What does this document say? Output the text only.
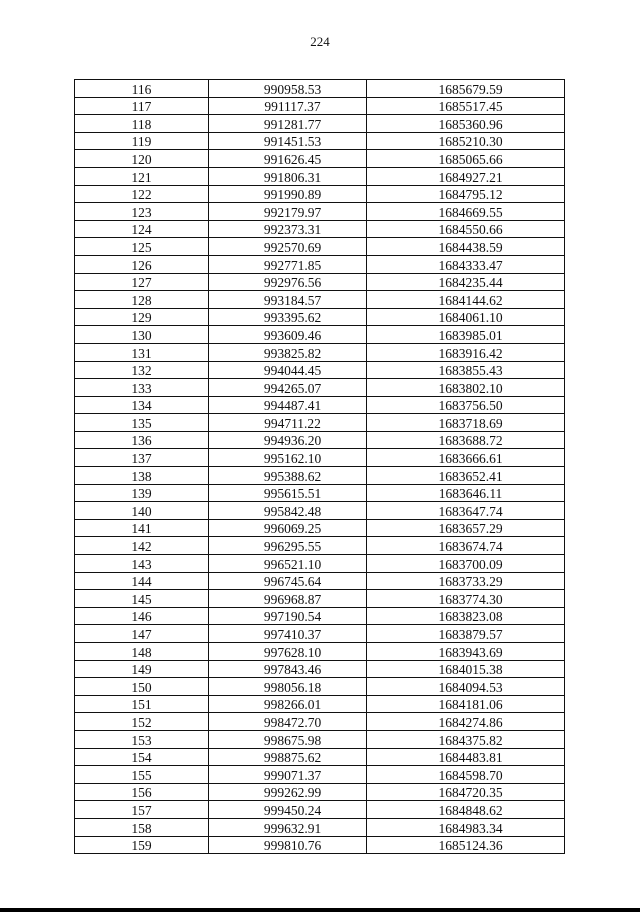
224
116	990958.53	1685679.59
117	991117.37	1685517.45
118	991281.77	1685360.96
119	991451.53	1685210.30
120	991626.45	1685065.66
121	991806.31	1684927.21
122	991990.89	1684795.12
123	992179.97	1684669.55
124	992373.31	1684550.66
125	992570.69	1684438.59
126	992771.85	1684333.47
127	992976.56	1684235.44
128	993184.57	1684144.62
129	993395.62	1684061.10
130	993609.46	1683985.01
131	993825.82	1683916.42
132	994044.45	1683855.43
133	994265.07	1683802.10
134	994487.41	1683756.50
135	994711.22	1683718.69
136	994936.20	1683688.72
137	995162.10	1683666.61
138	995388.62	1683652.41
139	995615.51	1683646.11
140	995842.48	1683647.74
141	996069.25	1683657.29
142	996295.55	1683674.74
143	996521.10	1683700.09
144	996745.64	1683733.29
145	996968.87	1683774.30
146	997190.54	1683823.08
147	997410.37	1683879.57
148	997628.10	1683943.69
149	997843.46	1684015.38
150	998056.18	1684094.53
151	998266.01	1684181.06
152	998472.70	1684274.86
153	998675.98	1684375.82
154	998875.62	1684483.81
155	999071.37	1684598.70
156	999262.99	1684720.35
157	999450.24	1684848.62
158	999632.91	1684983.34
159	999810.76	1685124.36
